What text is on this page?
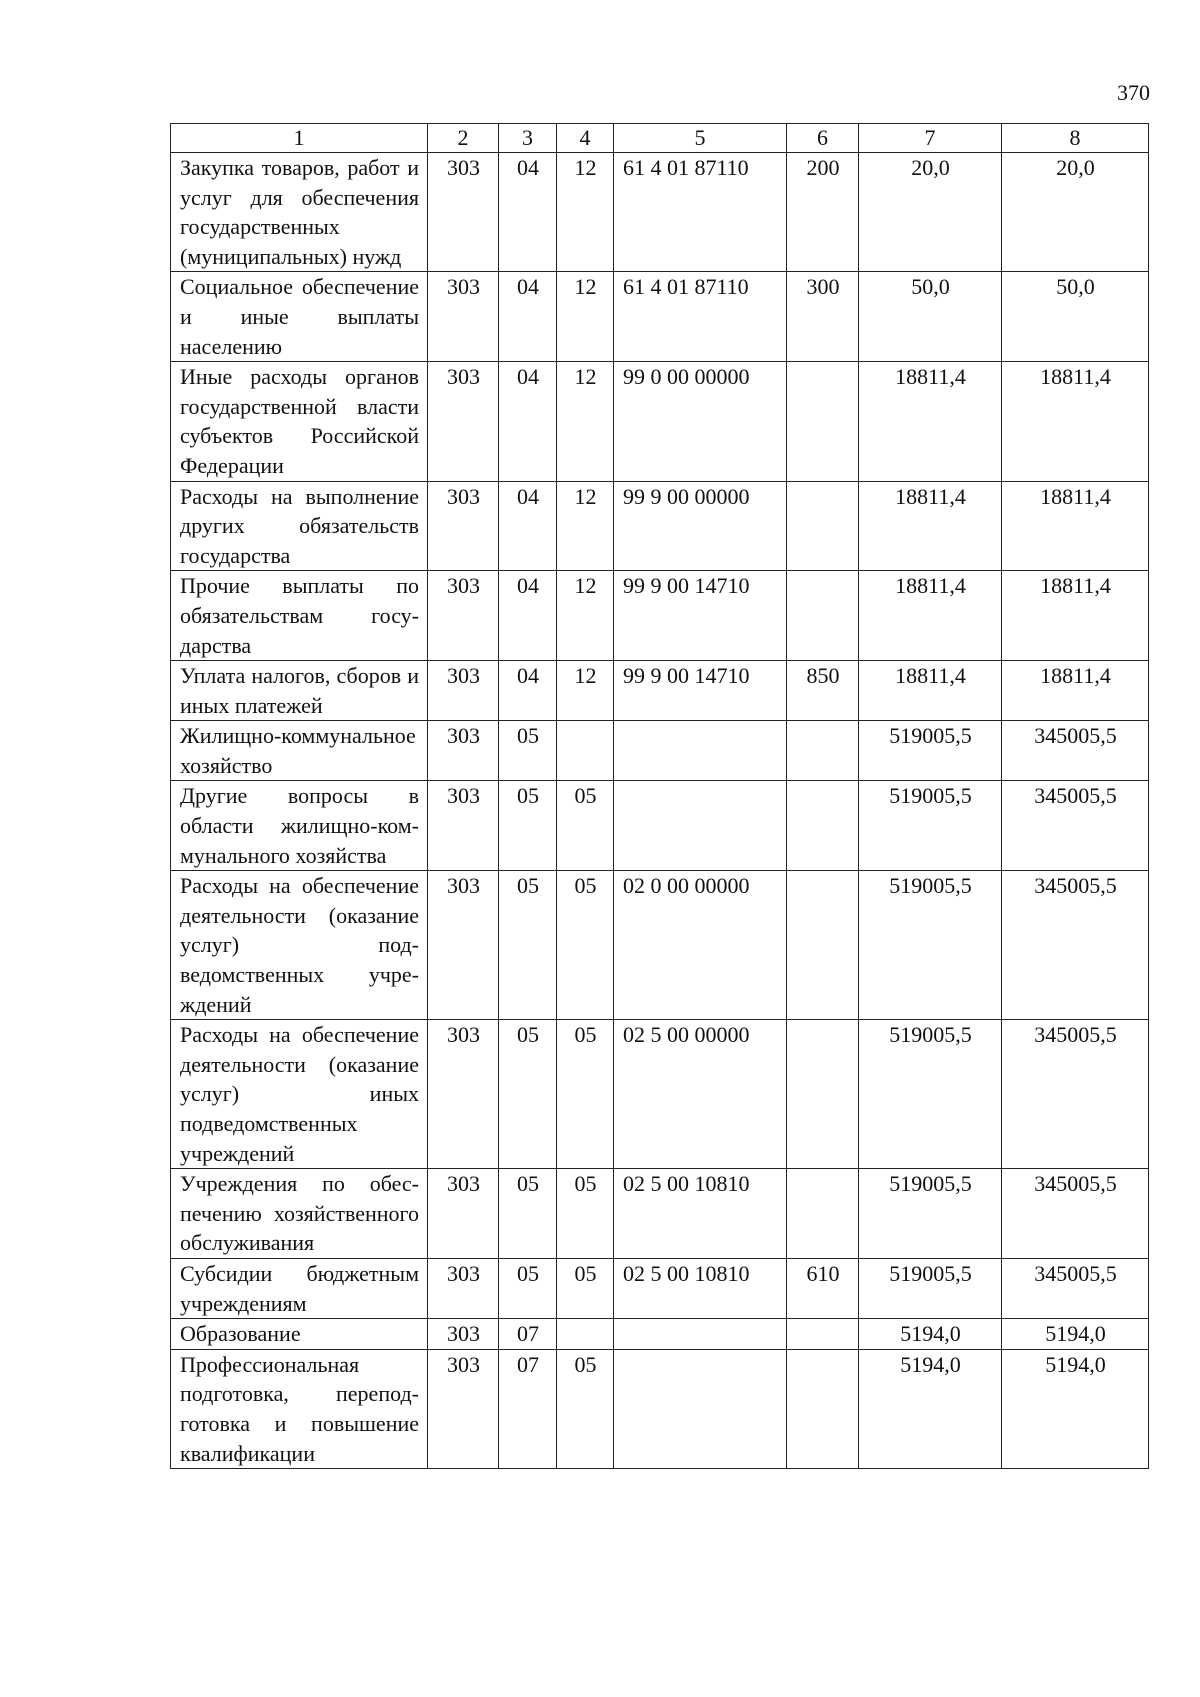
370
1	2	3	4	5	6	7	8
Закупка товаров, работ и услуг для обеспечения государственных (муниципальных) нужд	303	04	12	61 4 01 87110	200	20,0	20,0
Социальное обеспечение и иные выплаты населению	303	04	12	61 4 01 87110	300	50,0	50,0
Иные расходы органов государственной власти субъектов Российской Федерации	303	04	12	99 0 00 00000		18811,4	18811,4
Расходы на выполнение других обязательств государства	303	04	12	99 9 00 00000		18811,4	18811,4
Прочие выплаты по обязательствам государства	303	04	12	99 9 00 14710		18811,4	18811,4
Уплата налогов, сборов и иных платежей	303	04	12	99 9 00 14710	850	18811,4	18811,4
Жилищно-коммунальное хозяйство	303	05				519005,5	345005,5
Другие вопросы в области жилищно-ком-мунального хозяйства	303	05	05			519005,5	345005,5
Расходы на обеспечение деятельности (оказание услуг) подведомственных учреждений	303	05	05	02 0 00 00000		519005,5	345005,5
Расходы на обеспечение деятельности (оказание услуг) иных подведомственных учреждений	303	05	05	02 5 00 00000		519005,5	345005,5
Учреждения по обеспечению хозяйственного обслуживания	303	05	05	02 5 00 10810		519005,5	345005,5
Субсидии бюджетным учреждениям	303	05	05	02 5 00 10810	610	519005,5	345005,5
Образование	303	07				5194,0	5194,0
Профессиональная подготовка, переподготовка и повышение квалификации	303	07	05			5194,0	5194,0
